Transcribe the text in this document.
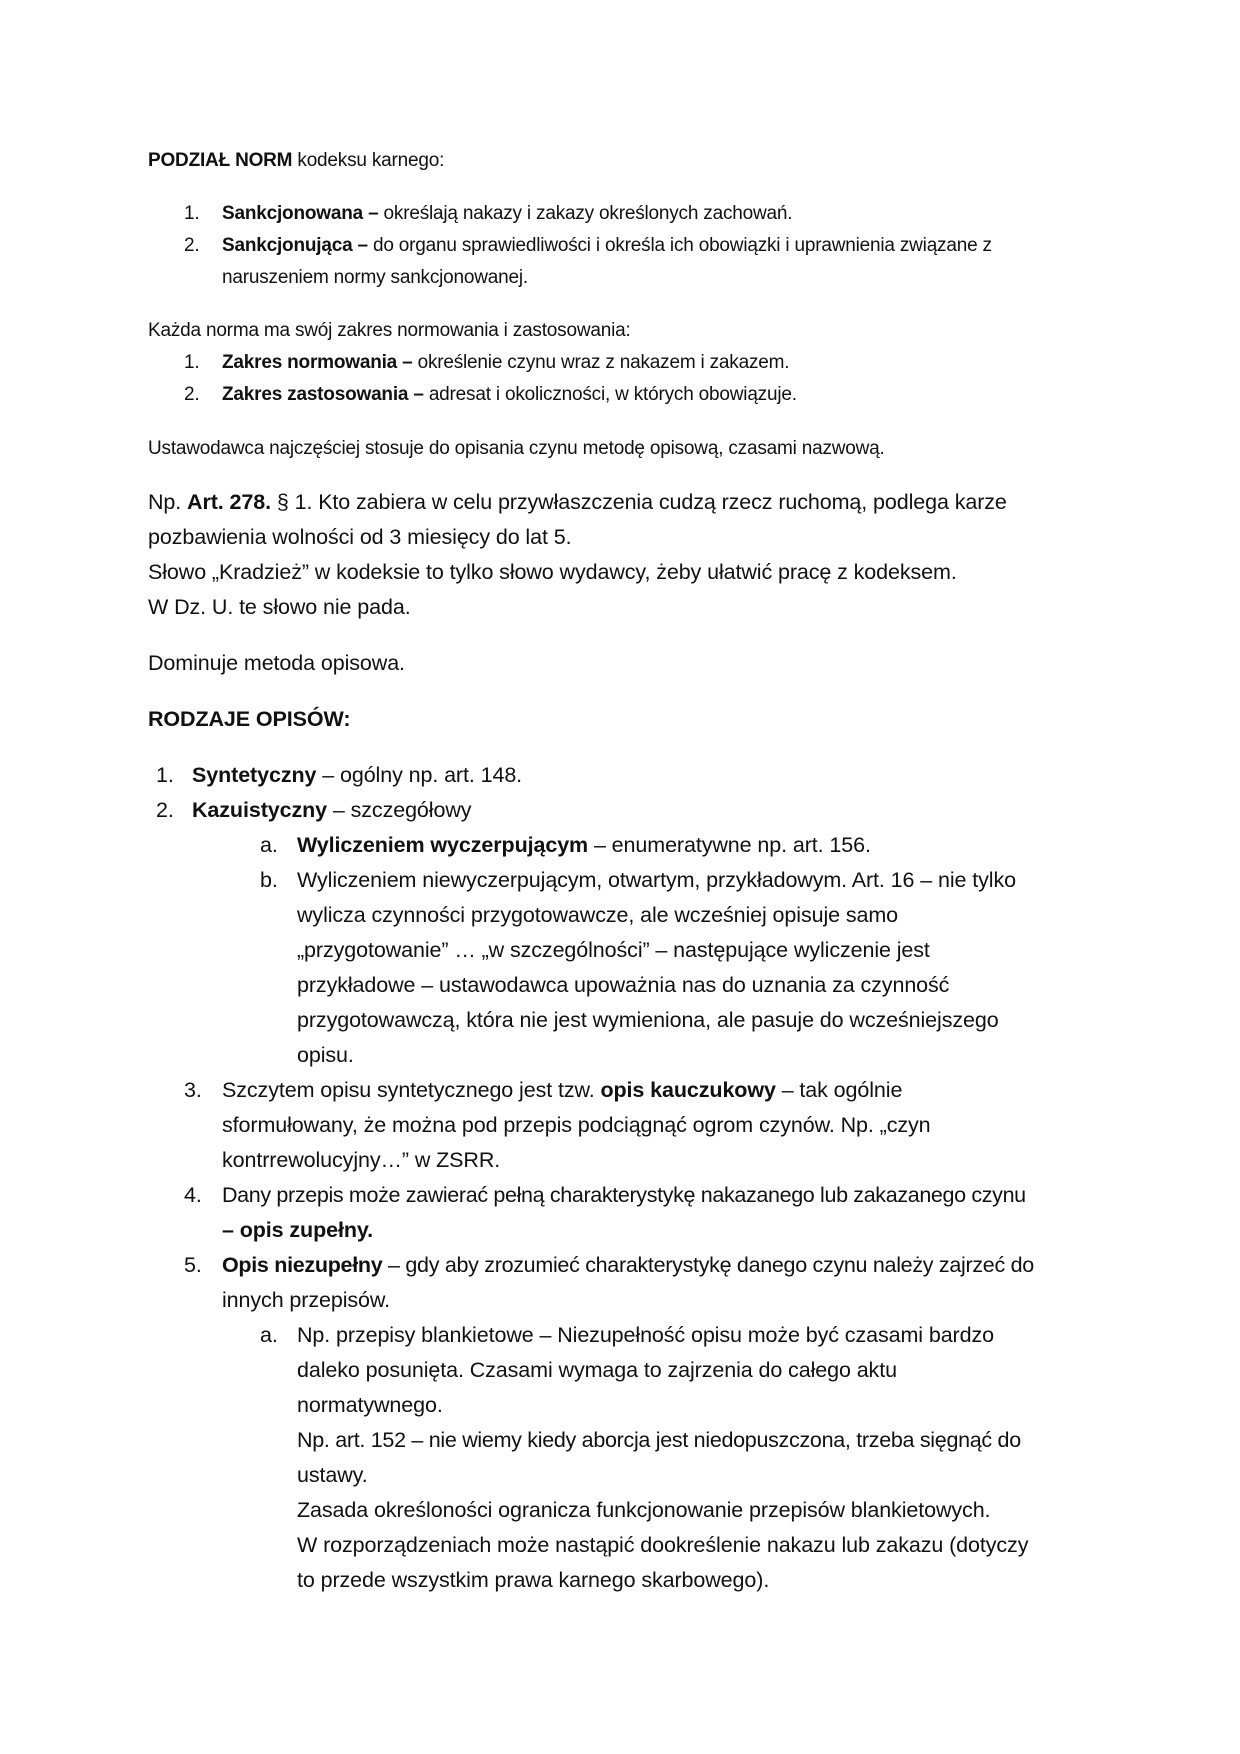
PODZIAŁ NORM kodeksu karnego:
1. Sankcjonowana – określają nakazy i zakazy określonych zachowań.
2. Sankcjonująca – do organu sprawiedliwości i określa ich obowiązki i uprawnienia związane z
naruszeniem normy sankcjonowanej.
Każda norma ma swój zakres normowania i zastosowania:
1. Zakres normowania – określenie czynu wraz z nakazem i zakazem.
2. Zakres zastosowania – adresat i okoliczności, w których obowiązuje.
Ustawodawca najczęściej stosuje do opisania czynu metodę opisową, czasami nazwową.
Np. Art. 278. § 1. Kto zabiera w celu przywłaszczenia cudzą rzecz ruchomą, podlega karze
pozbawienia wolności od 3 miesięcy do lat 5.
Słowo „Kradzież” w kodeksie to tylko słowo wydawcy, żeby ułatwić pracę z kodeksem.
W Dz. U. te słowo nie pada.
Dominuje metoda opisowa.
RODZAJE OPISÓW:
1. Syntetyczny – ogólny np. art. 148.
2. Kazuistyczny – szczegółowy
a. Wyliczeniem wyczerpującym – enumeratywne np. art. 156.
b. Wyliczeniem niewyczerpującym, otwartym, przykładowym. Art. 16 – nie tylko
wylicza czynności przygotowawcze, ale wcześniej opisuje samo
„przygotowanie” … „w szczególności” – następujące wyliczenie jest
przykładowe – ustawodawca upoważnia nas do uznania za czynność
przygotowawczą, która nie jest wymieniona, ale pasuje do wcześniejszego
opisu.
3. Szczytem opisu syntetycznego jest tzw. opis kauczukowy – tak ogólnie
sformułowany, że można pod przepis podciągnąć ogrom czynów. Np. „czyn
kontrrewolucyjny…” w ZSRR.
4. Dany przepis może zawierać pełną charakterystykę nakazanego lub zakazanego czynu
– opis zupełny.
5. Opis niezupełny – gdy aby zrozumieć charakterystykę danego czynu należy zajrzeć do
innych przepisów.
a. Np. przepisy blankietowe – Niezupełność opisu może być czasami bardzo
daleko posunięta. Czasami wymaga to zajrzenia do całego aktu
normatywnego.
Np. art. 152 – nie wiemy kiedy aborcja jest niedopuszczona, trzeba sięgnąć do
ustawy.
Zasada określoności ogranicza funkcjonowanie przepisów blankietowych.
W rozporządzeniach może nastąpić dookreślenie nakazu lub zakazu (dotyczy
to przede wszystkim prawa karnego skarbowego).
